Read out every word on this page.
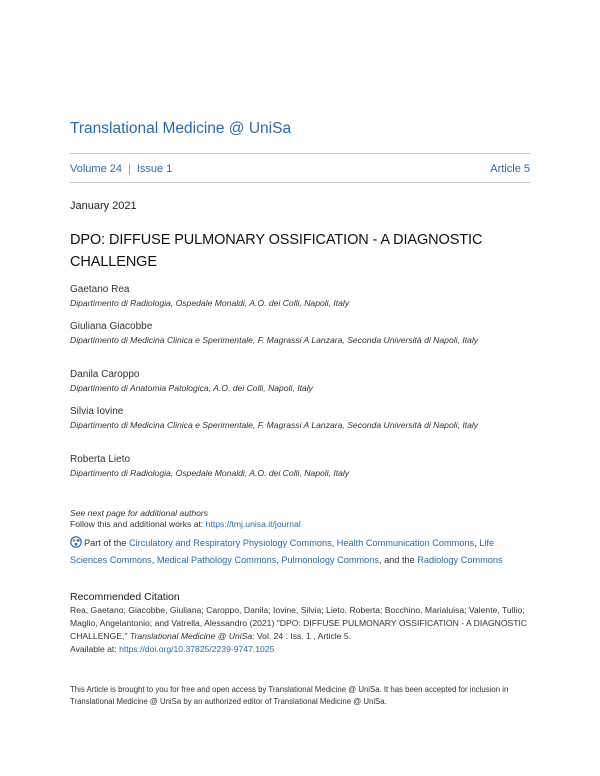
Translational Medicine @ UniSa
Volume 24 | Issue 1	Article 5
January 2021
DPO: DIFFUSE PULMONARY OSSIFICATION - A DIAGNOSTIC CHALLENGE
Gaetano Rea
Dipartimento di Radiologia, Ospedale Monaldi, A.O. dei Colli, Napoli, Italy
Giuliana Giacobbe
Dipartimento di Medicina Clinica e Sperimentale, F. Magrassi A Lanzara, Seconda Università di Napoli, Italy
Danila Caroppo
Dipartimento di Anatomia Patologica, A.O. dei Colli, Napoli, Italy
Silvia Iovine
Dipartimento di Medicina Clinica e Sperimentale, F. Magrassi A Lanzara, Seconda Università di Napoli, Italy
Roberta Lieto
Dipartimento di Radiologia, Ospedale Monaldi, A.O. dei Colli, Napoli, Italy
See next page for additional authors
Follow this and additional works at: https://tmj.unisa.it/journal
Part of the Circulatory and Respiratory Physiology Commons, Health Communication Commons, Life Sciences Commons, Medical Pathology Commons, Pulmonology Commons, and the Radiology Commons
Recommended Citation
Rea, Gaetano; Giacobbe, Giuliana; Caroppo, Danila; Iovine, Silvia; Lieto, Roberta; Bocchino, Marialuisa; Valente, Tullio; Maglio, Angelantonio; and Vatrella, Alessandro (2021) "DPO: DIFFUSE PULMONARY OSSIFICATION - A DIAGNOSTIC CHALLENGE," Translational Medicine @ UniSa: Vol. 24 : Iss. 1 , Article 5.
Available at: https://doi.org/10.37825/2239-9747.1025
This Article is brought to you for free and open access by Translational Medicine @ UniSa. It has been accepted for inclusion in Translational Medicine @ UniSa by an authorized editor of Translational Medicine @ UniSa.
